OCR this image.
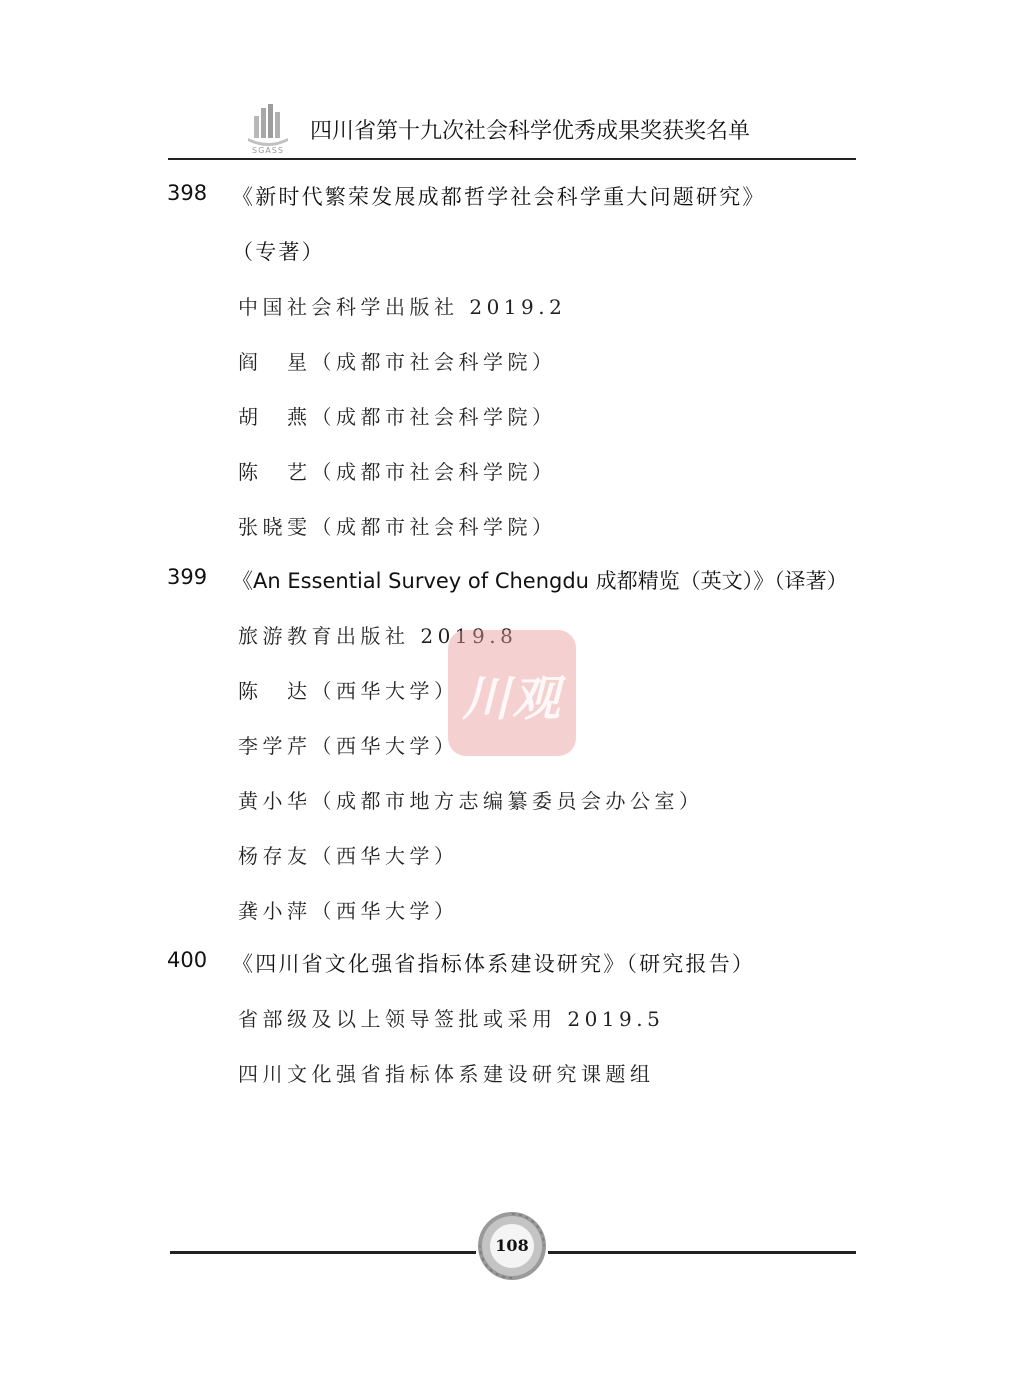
SGASS
四川省第十九次社会科学优秀成果奖获奖名单
398 《新时代繁荣发展成都哲学社会科学重大问题研究》
（专著）
中国社会科学出版社 2019.2
阎　星（成都市社会科学院）
胡　燕（成都市社会科学院）
陈　艺（成都市社会科学院）
张晓雯（成都市社会科学院）
399 《An Essential Survey of Chengdu 成都精览（英文）》（译著）
旅游教育出版社 2019.8
陈　达（西华大学）
李学芹（西华大学）
黄小华（成都市地方志编纂委员会办公室）
杨存友（西华大学）
龚小萍（西华大学）
400 《四川省文化强省指标体系建设研究》（研究报告）
省部级及以上领导签批或采用 2019.5
四川文化强省指标体系建设研究课题组
川观
108
